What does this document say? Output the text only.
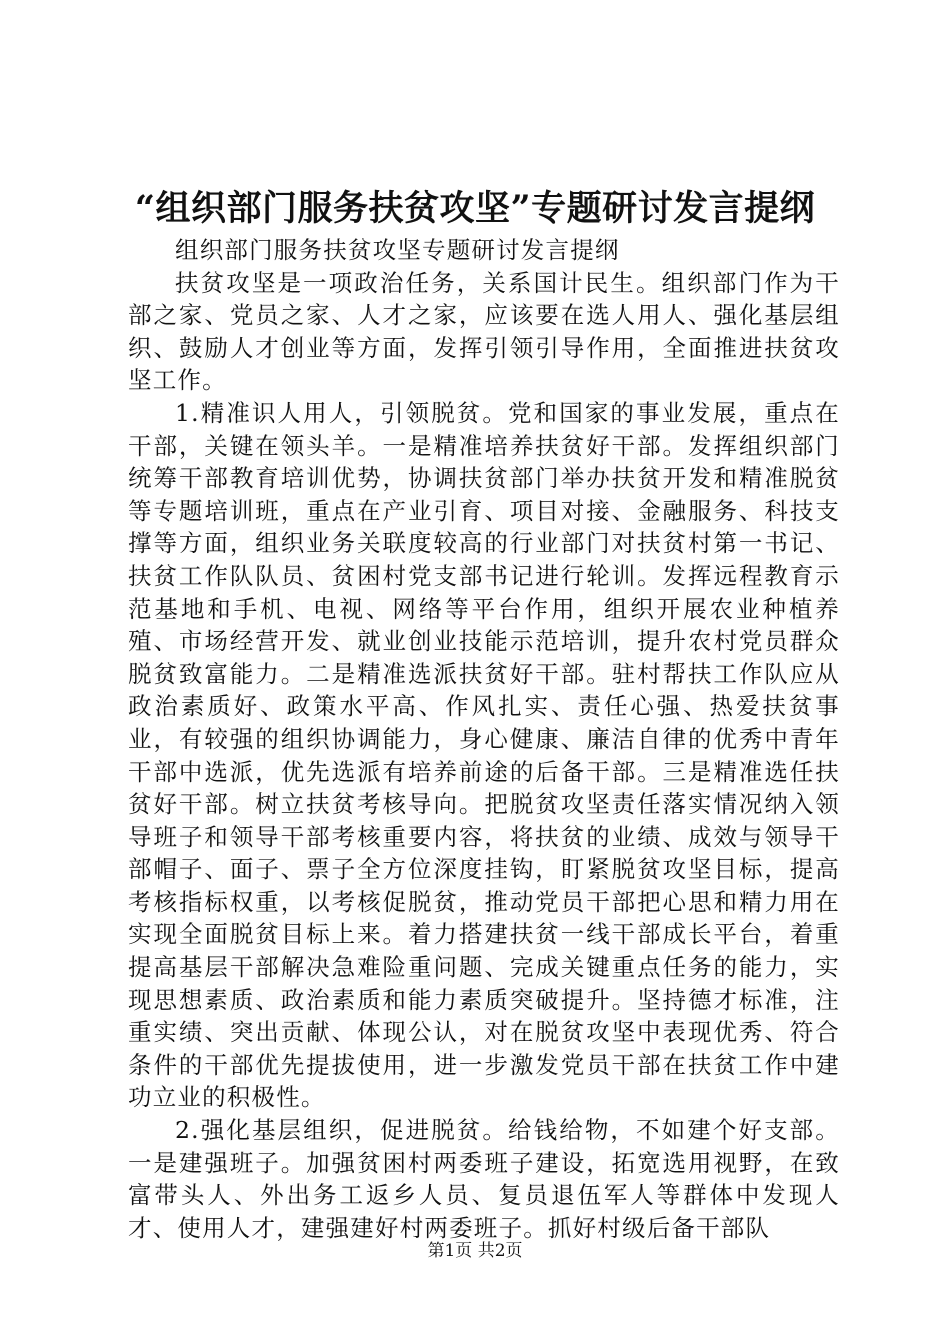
“组织部门服务扶贫攻坚”专题研讨发言提纲

组织部门服务扶贫攻坚专题研讨发言提纲

扶贫攻坚是一项政治任务，关系国计民生。组织部门作为干部之家、党员之家、人才之家，应该要在选人用人、强化基层组织、鼓励人才创业等方面，发挥引领引导作用，全面推进扶贫攻坚工作。

1.精准识人用人，引领脱贫。党和国家的事业发展，重点在干部，关键在领头羊。一是精准培养扶贫好干部。发挥组织部门统筹干部教育培训优势，协调扶贫部门举办扶贫开发和精准脱贫等专题培训班，重点在产业引育、项目对接、金融服务、科技支撑等方面，组织业务关联度较高的行业部门对扶贫村第一书记、扶贫工作队队员、贫困村党支部书记进行轮训。发挥远程教育示范基地和手机、电视、网络等平台作用，组织开展农业种植养殖、市场经营开发、就业创业技能示范培训，提升农村党员群众脱贫致富能力。二是精准选派扶贫好干部。驻村帮扶工作队应从政治素质好、政策水平高、作风扎实、责任心强、热爱扶贫事业，有较强的组织协调能力，身心健康、廉洁自律的优秀中青年干部中选派，优先选派有培养前途的后备干部。三是精准选任扶贫好干部。树立扶贫考核导向。把脱贫攻坚责任落实情况纳入领导班子和领导干部考核重要内容，将扶贫的业绩、成效与领导干部帽子、面子、票子全方位深度挂钩，盯紧脱贫攻坚目标，提高考核指标权重，以考核促脱贫，推动党员干部把心思和精力用在实现全面脱贫目标上来。着力搭建扶贫一线干部成长平台，着重提高基层干部解决急难险重问题、完成关键重点任务的能力，实现思想素质、政治素质和能力素质突破提升。坚持德才标准，注重实绩、突出贡献、体现公认，对在脱贫攻坚中表现优秀、符合条件的干部优先提拔使用，进一步激发党员干部在扶贫工作中建功立业的积极性。

2.强化基层组织，促进脱贫。给钱给物，不如建个好支部。一是建强班子。加强贫困村两委班子建设，拓宽选用视野，在致富带头人、外出务工返乡人员、复员退伍军人等群体中发现人才、使用人才，建强建好村两委班子。抓好村级后备干部队

第1页 共2页
